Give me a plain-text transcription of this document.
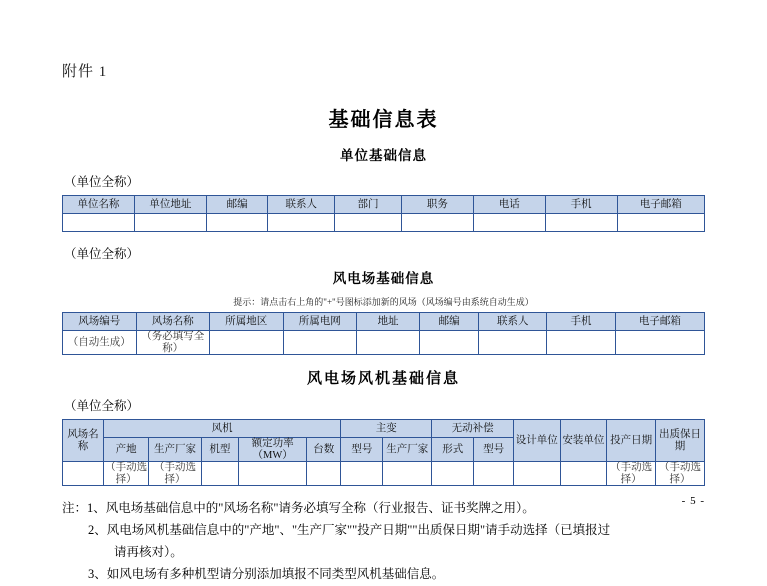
附件 1
基础信息表
单位基础信息
（单位全称）
单位名称	单位地址	邮编	联系人	部门	职务	电话	手机	电子邮箱

（单位全称）
风电场基础信息
提示：请点击右上角的"+"号图标添加新的风场（风场编号由系统自动生成）
风场编号	风场名称	所属地区	所属电网	地址	邮编	联系人	手机	电子邮箱
（自动生成）	（务必填写全称）							
风电场风机基础信息
（单位全称）
风场名称	风机					主变		无动补偿		设计单位	安装单位	投产日期	出质保日期
	产地	生产厂家	机型	额定功率（MW）	台数	型号	生产厂家	形式	型号				
	（手动选择）	（手动选择）										（手动选择）	（手动选择）
注：1、风电场基础信息中的"风场名称"请务必填写全称（行业报告、证书奖牌之用）。
2、风电场风机基础信息中的"产地"、"生产厂家""投产日期""出质保日期"请手动选择（已填报过
请再核对）。
3、如风电场有多种机型请分别添加填报不同类型风机基础信息。
- 5 -
